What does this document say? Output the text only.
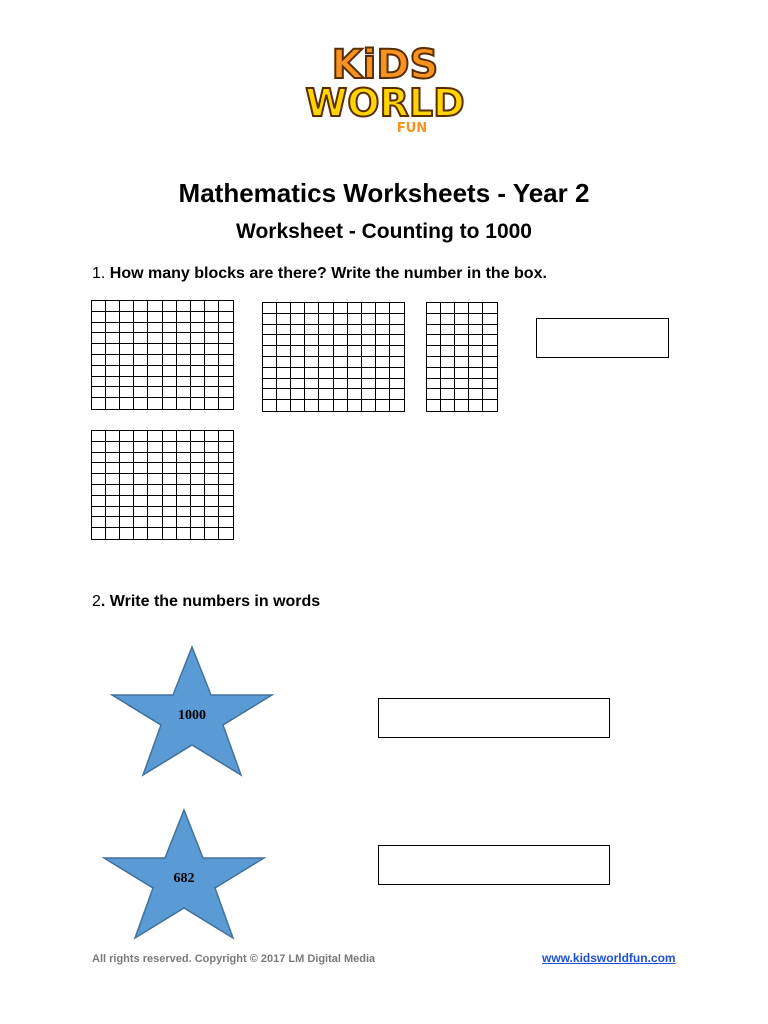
KiDS
WORLD
FUN
Mathematics Worksheets - Year 2
Worksheet - Counting to 1000
1. How many blocks are there? Write the number in the box.
2. Write the numbers in words
1000
682
All rights reserved. Copyright © 2017 LM Digital Media	www.kidsworldfun.com
